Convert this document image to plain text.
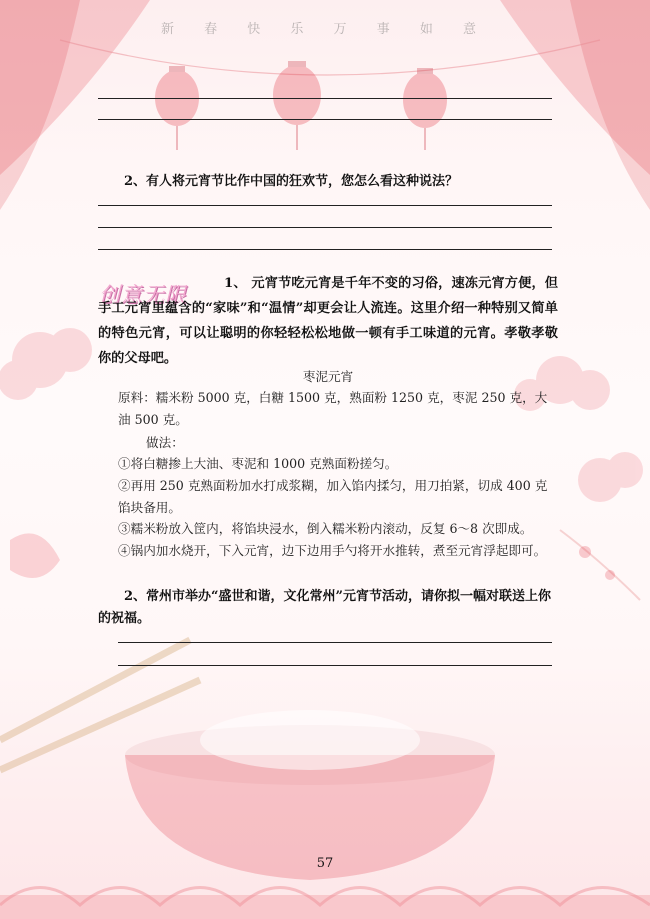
新 春 快 乐 万 事 如 意
2、有人将元宵节比作中国的狂欢节，您怎么看这种说法？
创意无限	1、 元宵节吃元宵是千年不变的习俗，速冻元宵方便，但手工元宵里蕴含的“家味”和“温情”却更会让人流连。这里介绍一种特别又简单的特色元宵，可以让聪明的你轻轻松松地做一顿有手工味道的元宵。孝敬孝敬你的父母吧。
枣泥元宵
原料：糯米粉 5000 克，白糖 1500 克，熟面粉 1250 克，枣泥 250 克，大油 500 克。
做法：
①将白糖掺上大油、枣泥和 1000 克熟面粉搓匀。
②再用 250 克熟面粉加水打成浆糊，加入馅内揉匀，用刀拍紧，切成 400 克馅块备用。
③糯米粉放入筐内，将馅块浸水，倒入糯米粉内滚动，反复 6～8 次即成。
④锅内加水烧开，下入元宵，边下边用手勺将开水推转，煮至元宵浮起即可。
2、常州市举办“盛世和谐，文化常州”元宵节活动，请你拟一幅对联送上你的祝福。
57
